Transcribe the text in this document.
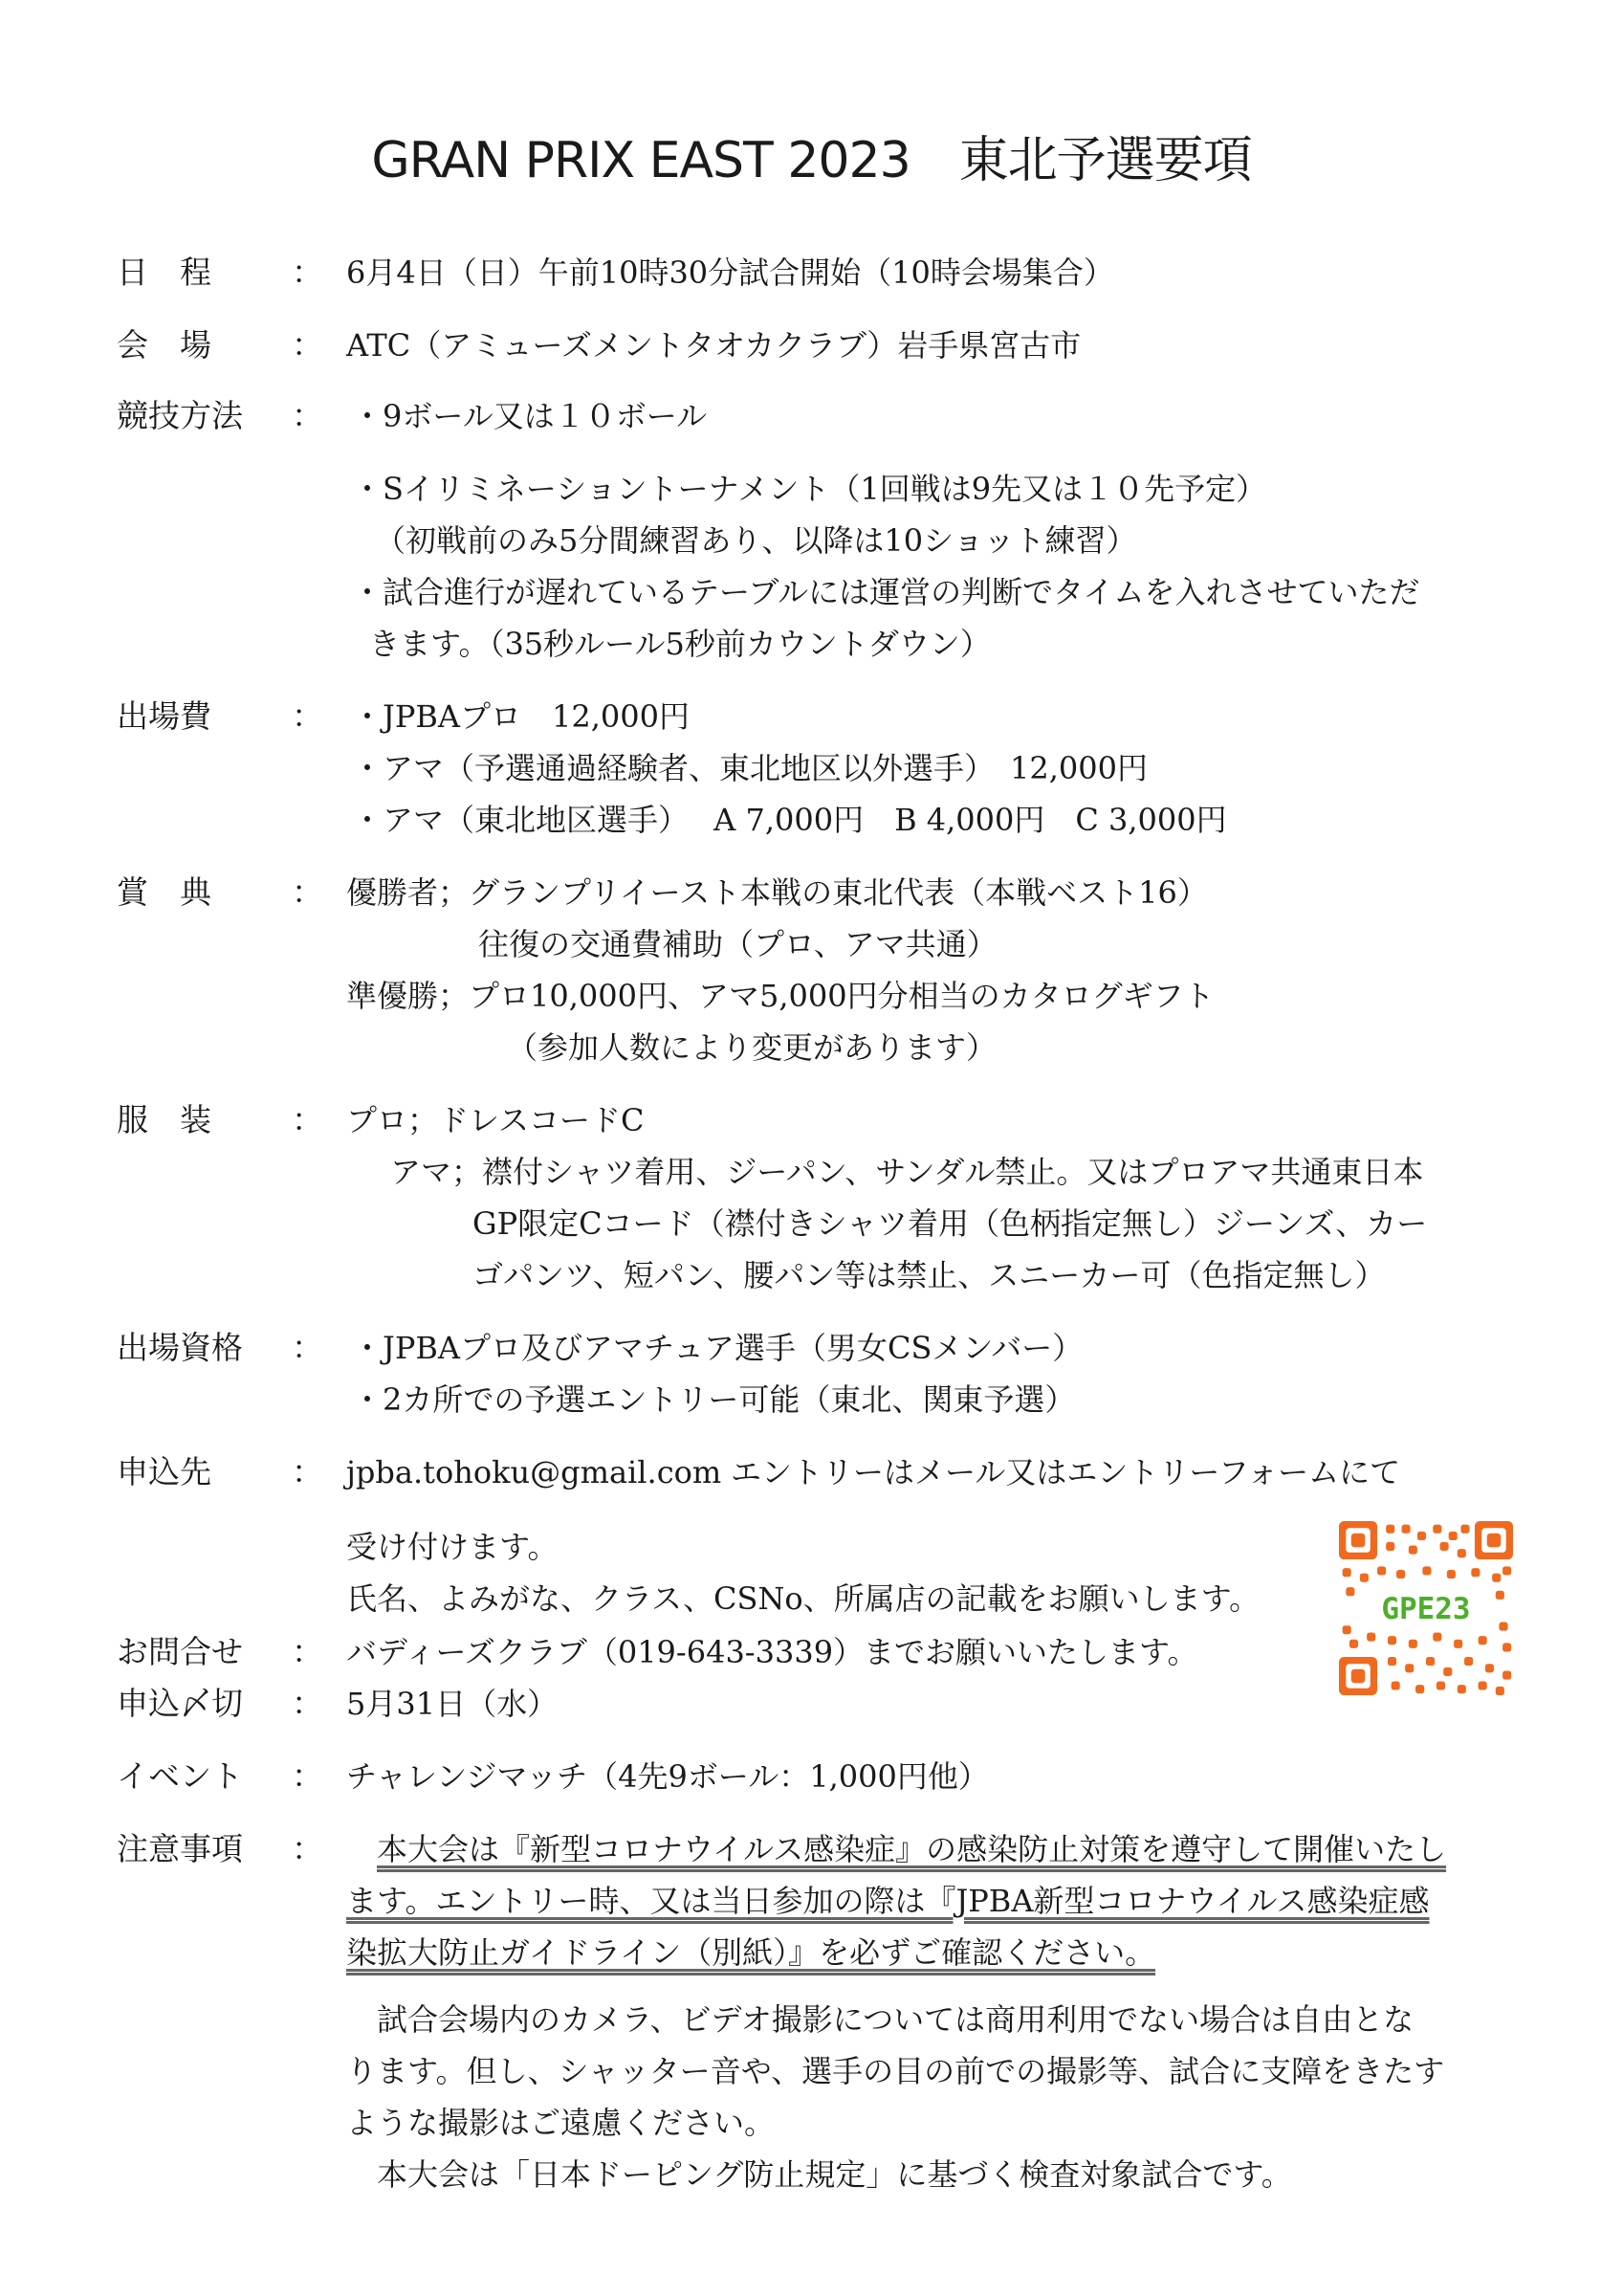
GRAN PRIX EAST 2023　東北予選要項
日　程	： 6月4日（日）午前10時30分試合開始（10時会場集合）
会　場	： ATC（アミューズメントタオカクラブ）岩手県宮古市
競技方法 ： ・9ボール又は１０ボール
・Sイリミネーショントーナメント（1回戦は9先又は１０先予定）
（初戦前のみ5分間練習あり、以降は10ショット練習）
・試合進行が遅れているテーブルには運営の判断でタイムを入れさせていただ
きます。（35秒ルール5秒前カウントダウン）
出場費	： ・JPBAプロ　12,000円
・アマ（予選通過経験者、東北地区以外選手）　12,000円
・アマ（東北地区選手）　 A 7,000円　B 4,000円　C 3,000円
賞　典	： 優勝者；グランプリイースト本戦の東北代表（本戦ベスト16）
往復の交通費補助（プロ、アマ共通）
準優勝；プロ10,000円、アマ5,000円分相当のカタログギフト
（参加人数により変更があります）
服　装	： プロ；ドレスコードC
アマ；襟付シャツ着用、ジーパン、サンダル禁止。又はプロアマ共通東日本
GP限定Cコード（襟付きシャツ着用（色柄指定無し）ジーンズ、カー
ゴパンツ、短パン、腰パン等は禁止、スニーカー可（色指定無し）
出場資格 ： ・JPBAプロ及びアマチュア選手（男女CSメンバー）
・2カ所での予選エントリー可能（東北、関東予選）
申込先	： jpba.tohoku@gmail.com エントリーはメール又はエントリーフォームにて
受け付けます。
氏名、よみがな、クラス、CSNo、所属店の記載をお願いします。	GPE23
お問合せ ： バディーズクラブ（019-643-3339）までお願いいたします。
申込〆切 ： 5月31日（水）
イベント ： チャレンジマッチ（4先9ボール：1,000円他）
注意事項 ： 本大会は『新型コロナウイルス感染症』の感染防止対策を遵守して開催いたし
ます。エントリー時、又は当日参加の際は『JPBA新型コロナウイルス感染症感
染拡大防止ガイドライン（別紙）』を必ずご確認ください。
試合会場内のカメラ、ビデオ撮影については商用利用でない場合は自由とな
ります。但し、シャッター音や、選手の目の前での撮影等、試合に支障をきたす
ような撮影はご遠慮ください。
本大会は「日本ドーピング防止規定」に基づく検査対象試合です。
